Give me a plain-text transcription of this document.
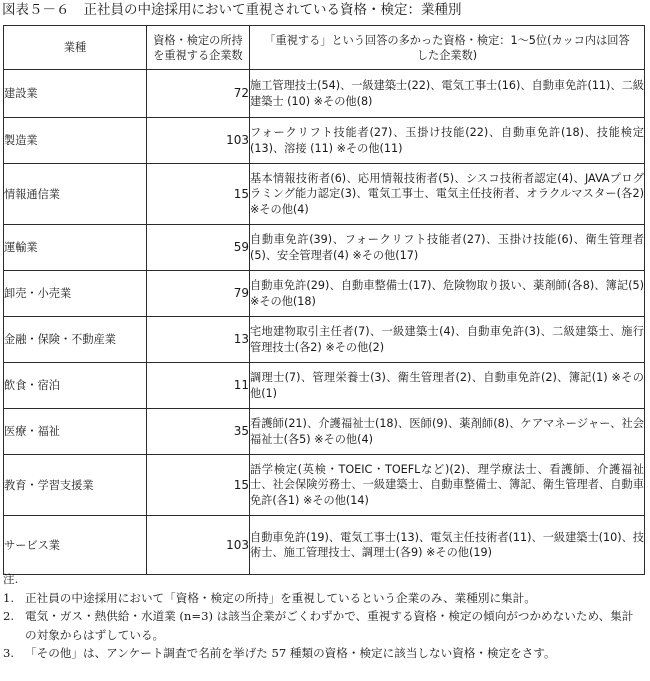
図表５－６ 正社員の中途採用において重視されている資格・検定：業種別
業種	資格・検定の所持を重視する企業数	「重視する」という回答の多かった資格・検定：1～5位(カッコ内は回答した企業数)
建設業	72	施工管理技士(54)、一級建築士(22)、電気工事士(16)、自動車免許(11)、二級建築士 (10) ※その他(8)
製造業	103	フォークリフト技能者(27)、玉掛け技能(22)、自動車免許(18)、技能検定(13)、溶接 (11) ※その他(11)
情報通信業	15	基本情報技術者(6)、応用情報技術者(5)、シスコ技術者認定(4)、JAVAプログラミング能力認定(3)、電気工事士、電気主任技術者、オラクルマスター(各2) ※その他(4)
運輸業	59	自動車免許(39)、フォークリフト技能者(27)、玉掛け技能(6)、衛生管理者(5)、安全管理者(4) ※その他(17)
卸売・小売業	79	自動車免許(29)、自動車整備士(17)、危険物取り扱い、薬剤師(各8)、簿記(5) ※その他(18)
金融・保険・不動産業	13	宅地建物取引主任者(7)、一級建築士(4)、自動車免許(3)、二級建築士、施行管理技士(各2) ※その他(2)
飲食・宿泊	11	調理士(7)、管理栄養士(3)、衛生管理者(2)、自動車免許(2)、簿記(1) ※その他(1)
医療・福祉	35	看護師(21)、介護福祉士(18)、医師(9)、薬剤師(8)、ケアマネージャー、社会福祉士(各5) ※その他(4)
教育・学習支援業	15	語学検定(英検・TOEIC・TOEFLなど)(2)、理学療法士、看護師、介護福祉士、社会保険労務士、一級建築士、自動車整備士、簿記、衛生管理者、自動車免許(各1) ※その他(14)
サービス業	103	自動車免許(19)、電気工事士(13)、電気主任技術者(11)、一級建築士(10)、技術士、施工管理技士、調理士(各9) ※その他(19)
注.
1. 正社員の中途採用において「資格・検定の所持」を重視しているという企業のみ、業種別に集計。
2. 電気・ガス・熱供給・水道業 (n=3) は該当企業がごくわずかで、重視する資格・検定の傾向がつかめないため、集計の対象からはずしている。
3. 「その他」は、アンケート調査で名前を挙げた 57 種類の資格・検定に該当しない資格・検定をさす。
